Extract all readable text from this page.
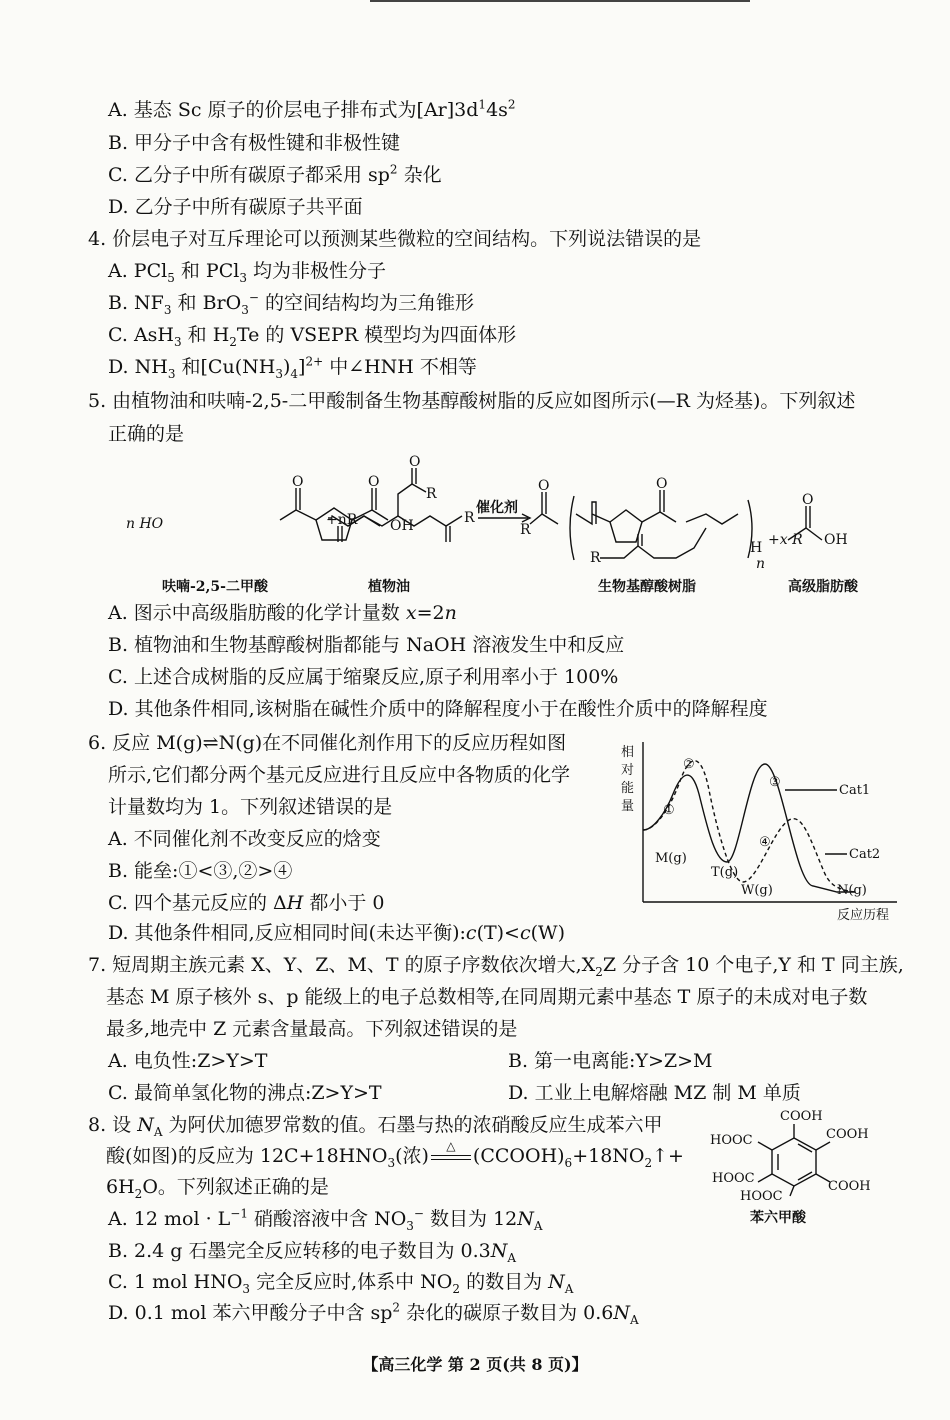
A. 基态 Sc 原子的价层电子排布式为$[Ar]3d^14s^2$
B. 甲分子中含有极性键和非极性键
C. 乙分子中所有碳原子都采用 $sp^2$ 杂化
D. 乙分子中所有碳原子共平面
4. 价层电子对互斥理论可以预测某些微粒的空间结构。下列说法错误的是
A. PCl$_5$ 和 PCl$_3$ 均为非极性分子
B. $NF_3$ 和 BrO$_3$− 的空间结构均为三角锥形
C. AsH$_3$ 和 $H_2Te$ 的 VSEPR 模型均为四面体形
D. $NH_3$ 和$[Cu(NH_3)_4]^{2+}$ 中∠HNH 不相等
5. 由植物油和呋喃-2,5-二甲酸制备生物基醇酸树脂的反应如图所示(—R 为烃基)。下列叙述
正确的是
n HO
O	O
OH
+nR
O
R
R
催化剂
R
O	O
R
H
n
+x R
O
OH
呋喃-2,5-二甲酸	植物油	生物基醇酸树脂	高级脂肪酸
A. 图示中高级脂肪酸的化学计量数 x=2n
B. 植物油和生物基醇酸树脂都能与 NaOH 溶液发生中和反应
C. 上述合成树脂的反应属于缩聚反应,原子利用率小于 100%
D. 其他条件相同,该树脂在碱性介质中的降解程度小于在酸性介质中的降解程度
6. 反应 M(g)⇌N(g)在不同催化剂作用下的反应历程如图
所示,它们都分两个基元反应进行且反应中各物质的化学
计量数均为 1。下列叙述错误的是
A. 不同催化剂不改变反应的焓变
B. 能垒:①<③,②>④
C. 四个基元反应的 ΔH 都小于 0
D. 其他条件相同,反应相同时间(未达平衡):c(T)<c(W)
相
对
能
量
反应历程
Cat1
Cat2
M(g)
T(g)
W(g)	N(g)
①
②
③
④
7. 短周期主族元素 X、Y、Z、M、T 的原子序数依次增大$,X_2Z$ 分子含 10 个电子,Y 和 T 同主族,
基态 M 原子核外 s、p 能级上的电子总数相等,在同周期元素中基态 T 原子的未成对电子数
最多,地壳中 Z 元素含量最高。下列叙述错误的是
A. 电负性:Z>Y>T	B. 第一电离能:Y>Z>M
C. 最简单氢化物的沸点:Z>Y>T	D. 工业上电解熔融 MZ 制 M 单质
8. 设 $N_A$ 为阿伏加德罗常数的值。石墨与热的浓硝酸反应生成苯六甲
酸(如图)的反应为 $12C+18HNO_3$(浓)	△ $(CCOOH)_6+18NO_2↑+$
$6H_2O$。下列叙述正确的是
A. 12 mol · $L^{-1}$ 硝酸溶液中含 $NO_3^-$ 数目为 $12N_A$
B. 2.4 g 石墨完全反应转移的电子数目为 $0.3N_A$
C. 1 mol $HNO_3$ 完全反应时,体系中 $NO_2$ 的数目为 $N_A$
D. 0.1 mol 苯六甲酸分子中含 $sp^2$ 杂化的碳原子数目为 $0.6N_A$
COOH
HOOC	COOH
HOOC
COOH
HOOC
苯六甲酸
【高三化学 第 2 页(共 8 页)】
